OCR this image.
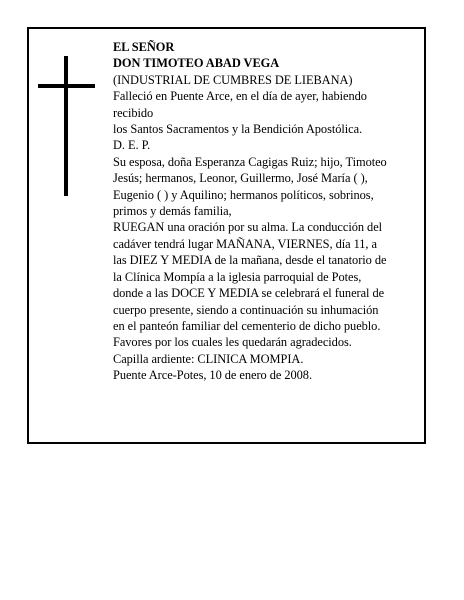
EL SEÑOR
DON TIMOTEO ABAD VEGA
(INDUSTRIAL DE CUMBRES DE LIEBANA)
Falleció en Puente Arce, en el día de ayer, habiendo
recibido
los Santos Sacramentos y la Bendición Apostólica.
D. E. P.
Su esposa, doña Esperanza Cagigas Ruiz; hijo, Timoteo
Jesús; hermanos, Leonor, Guillermo, José María ( ),
Eugenio ( ) y Aquilino; hermanos políticos, sobrinos,
primos y demás familia,
RUEGAN una oración por su alma. La conducción del
cadáver tendrá lugar MAÑANA, VIERNES, día 11, a
las DIEZ Y MEDIA de la mañana, desde el tanatorio de
la Clínica Mompía a la iglesia parroquial de Potes,
donde a las DOCE Y MEDIA se celebrará el funeral de
cuerpo presente, siendo a continuación su inhumación
en el panteón familiar del cementerio de dicho pueblo.
Favores por los cuales les quedarán agradecidos.
Capilla ardiente: CLINICA MOMPIA.
Puente Arce-Potes, 10 de enero de 2008.
